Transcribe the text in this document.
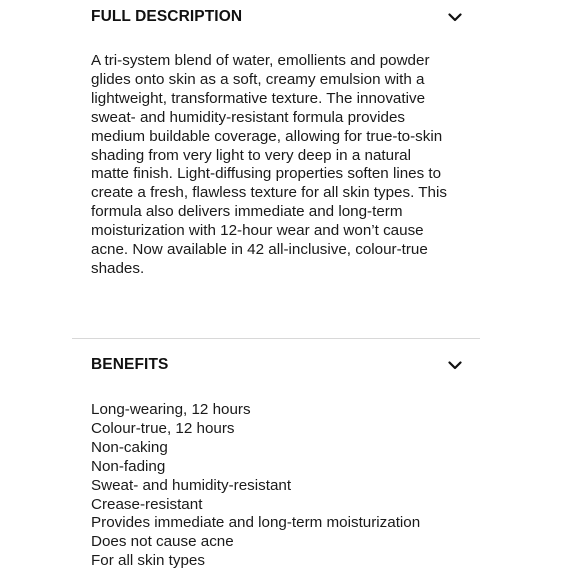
FULL DESCRIPTION

A tri-system blend of water, emollients and powder
glides onto skin as a soft, creamy emulsion with a
lightweight, transformative texture. The innovative
sweat- and humidity-resistant formula provides
medium buildable coverage, allowing for true-to-skin
shading from very light to very deep in a natural
matte finish. Light-diffusing properties soften lines to
create a fresh, flawless texture for all skin types. This
formula also delivers immediate and long-term
moisturization with 12-hour wear and won’t cause
acne. Now available in 42 all-inclusive, colour-true
shades.

BENEFITS
Long-wearing, 12 hours
Colour-true, 12 hours
Non-caking
Non-fading
Sweat- and humidity-resistant
Crease-resistant
Provides immediate and long-term moisturization
Does not cause acne
For all skin types
